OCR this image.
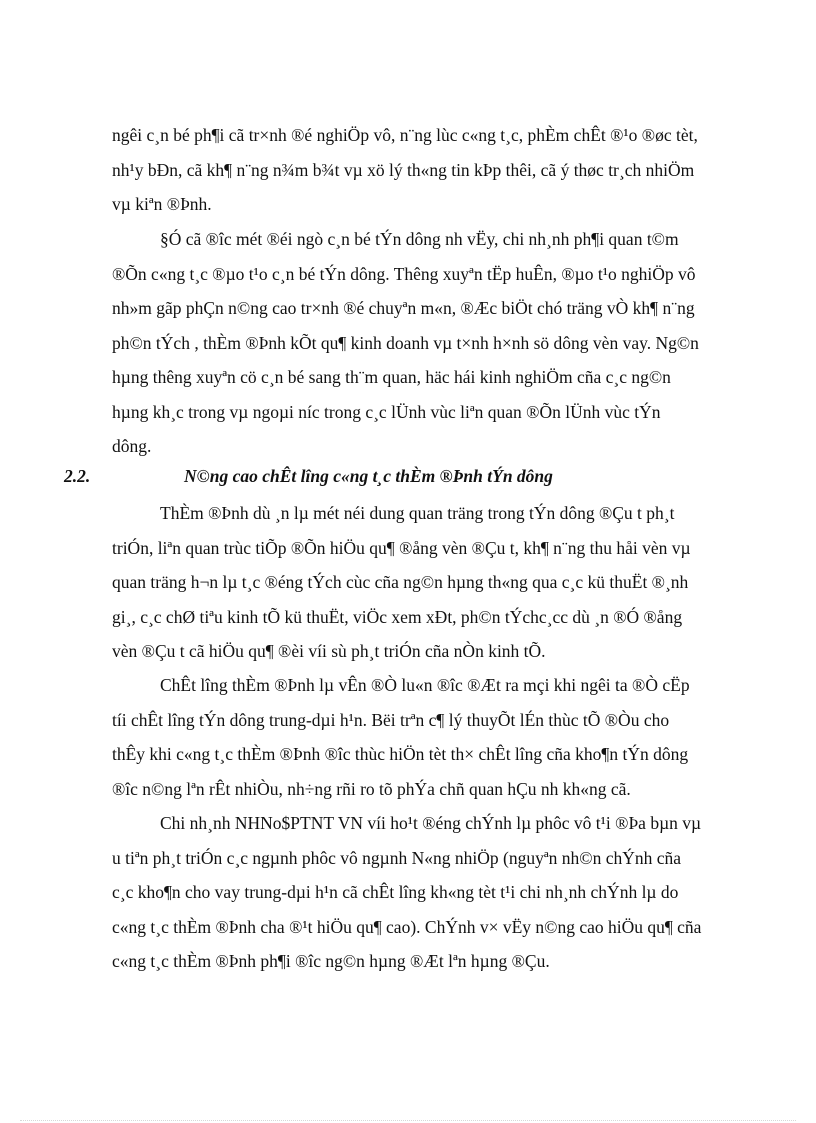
ngêi c¸n bé ph¶i cã tr×nh ®é nghiÖp vô, n¨ng lùc c«ng t¸c, phÈm chÊt ®¹o ®øc tèt,
nh¹y bÐn, cã kh¶ n¨ng n¾m b¾t vµ xö lý th«ng tin kÞp thêi, cã ý thøc tr¸ch nhiÖm
vµ kiªn ®Þnh.
§Ó cã ®îc mét ®éi ngò c¸n bé tÝn dông nh vËy, chi nh¸nh ph¶i quan t©m
®Õn c«ng t¸c ®µo t¹o c¸n bé tÝn dông. Thêng xuyªn tËp huÊn, ®µo t¹o nghiÖp vô
nh»m gãp phÇn n©ng cao tr×nh ®é chuyªn m«n, ®Æc biÖt chó träng vÒ kh¶ n¨ng
ph©n tÝch , thÈm ®Þnh kÕt qu¶ kinh doanh vµ t×nh h×nh sö dông vèn vay. Ng©n
hµng thêng xuyªn cö c¸n bé sang th¨m quan, häc hái kinh nghiÖm cña c¸c ng©n
hµng kh¸c trong vµ ngoµi níc trong c¸c lÜnh vùc liªn quan ®Õn lÜnh vùc tÝn
dông.
2.2.	N©ng cao chÊt lîng c«ng t¸c thÈm ®Þnh tÝn dông
ThÈm ®Þnh dù ¸n lµ mét néi dung quan träng trong tÝn dông ®Çu t ph¸t
triÓn, liªn quan trùc tiÕp ®Õn hiÖu qu¶ ®ång vèn ®Çu t, kh¶ n¨ng thu håi vèn vµ
quan träng h¬n lµ t¸c ®éng tÝch cùc cña ng©n hµng th«ng qua c¸c kü thuËt ®¸nh
gi¸, c¸c chØ tiªu kinh tÕ kü thuËt, viÖc xem xÐt, ph©n tÝchc¸cc dù ¸n ®Ó ®ång
vèn ®Çu t cã hiÖu qu¶ ®èi víi sù ph¸t triÓn cña nÒn kinh tÕ.
ChÊt lîng thÈm ®Þnh lµ vÊn ®Ò lu«n ®îc ®Æt ra mçi khi ngêi ta ®Ò cËp
tíi chÊt lîng tÝn dông trung-dµi h¹n. Bëi trªn c¶ lý thuyÕt lÉn thùc tÕ ®Òu cho
thÊy khi c«ng t¸c thÈm ®Þnh ®îc thùc hiÖn tèt th× chÊt lîng cña kho¶n tÝn dông
®îc n©ng lªn rÊt nhiÒu, nh÷ng rñi ro tõ phÝa chñ quan hÇu nh kh«ng cã.
Chi nh¸nh NHNo$PTNT VN víi ho¹t ®éng chÝnh lµ phôc vô t¹i ®Þa bµn vµ
u tiªn ph¸t triÓn c¸c ngµnh phôc vô ngµnh N«ng nhiÖp (nguyªn nh©n chÝnh cña
c¸c kho¶n cho vay trung-dµi h¹n cã chÊt lîng kh«ng tèt t¹i chi nh¸nh chÝnh lµ do
c«ng t¸c thÈm ®Þnh cha ®¹t hiÖu qu¶ cao). ChÝnh v× vËy n©ng cao hiÖu qu¶ cña
c«ng t¸c thÈm ®Þnh ph¶i ®îc ng©n hµng ®Æt lªn hµng ®Çu.
